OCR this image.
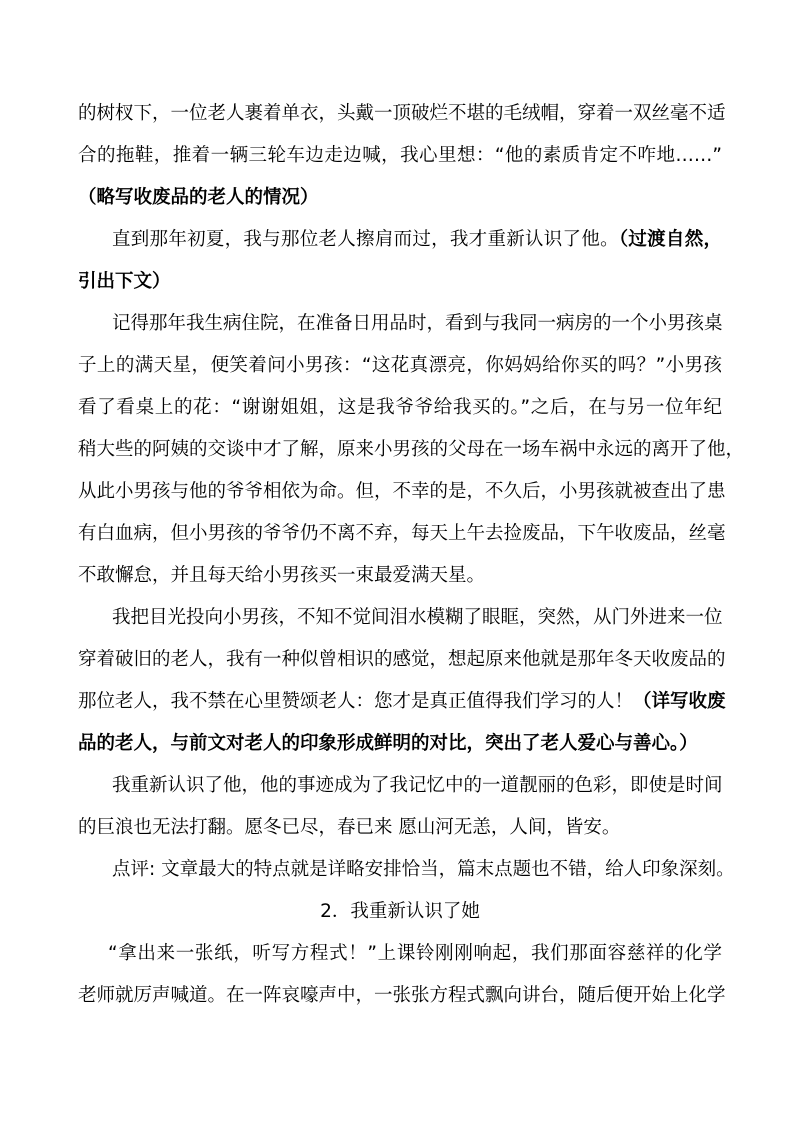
的树杈下，一位老人裹着单衣，头戴一顶破烂不堪的毛绒帽，穿着一双丝毫不适
合的拖鞋，推着一辆三轮车边走边喊，我心里想：“他的素质肯定不咋地……”
（略写收废品的老人的情况）
直到那年初夏，我与那位老人擦肩而过，我才重新认识了他。（过渡自然，
引出下文）
记得那年我生病住院，在准备日用品时，看到与我同一病房的一个小男孩桌
子上的满天星，便笑着问小男孩：“这花真漂亮，你妈妈给你买的吗？”小男孩
看了看桌上的花：“谢谢姐姐，这是我爷爷给我买的。”之后，在与另一位年纪
稍大些的阿姨的交谈中才了解，原来小男孩的父母在一场车祸中永远的离开了他，
从此小男孩与他的爷爷相依为命。但，不幸的是，不久后，小男孩就被查出了患
有白血病，但小男孩的爷爷仍不离不弃，每天上午去捡废品，下午收废品，丝毫
不敢懈怠，并且每天给小男孩买一束最爱满天星。
我把目光投向小男孩，不知不觉间泪水模糊了眼眶，突然，从门外进来一位
穿着破旧的老人，我有一种似曾相识的感觉，想起原来他就是那年冬天收废品的
那位老人，我不禁在心里赞颂老人：您才是真正值得我们学习的人！（详写收废
品的老人，与前文对老人的印象形成鲜明的对比，突出了老人爱心与善心。）
我重新认识了他，他的事迹成为了我记忆中的一道靓丽的色彩，即使是时间
的巨浪也无法打翻。愿冬已尽，春已来 愿山河无恙，人间，皆安。
点评: 文章最大的特点就是详略安排恰当，篇末点题也不错，给人印象深刻。
2．我重新认识了她
“拿出来一张纸，听写方程式！”上课铃刚刚响起，我们那面容慈祥的化学
老师就厉声喊道。在一阵哀嚎声中，一张张方程式飘向讲台，随后便开始上化学
